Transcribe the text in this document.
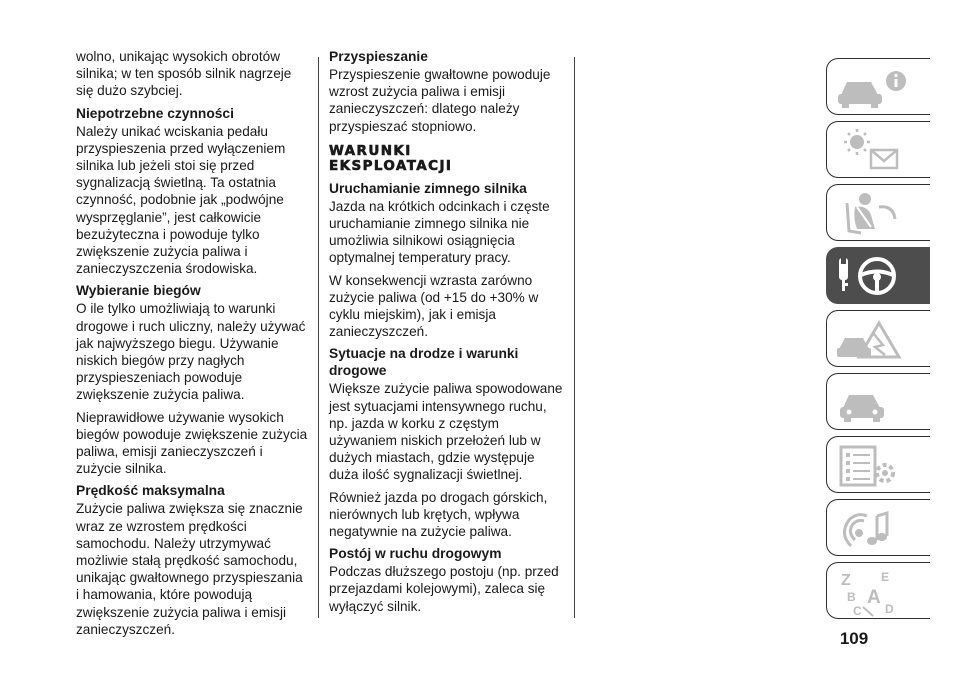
wolno, unikając wysokich obrotów silnika; w ten sposób silnik nagrzeje się dużo szybciej.

Niepotrzebne czynności

Należy unikać wciskania pedału przyspieszenia przed wyłączeniem silnika lub jeżeli stoi się przed sygnalizacją świetlną. Ta ostatnia czynność, podobnie jak „podwójne wysprzęglanie”, jest całkowicie bezużyteczna i powoduje tylko zwiększenie zużycia paliwa i zanieczyszczenia środowiska.

Wybieranie biegów

O ile tylko umożliwiają to warunki drogowe i ruch uliczny, należy używać jak najwyższego biegu. Używanie niskich biegów przy nagłych przyspieszeniach powoduje zwiększenie zużycia paliwa.

Nieprawidłowe używanie wysokich biegów powoduje zwiększenie zużycia paliwa, emisji zanieczyszczeń i zużycie silnika.

Prędkość maksymalna

Zużycie paliwa zwiększa się znacznie wraz ze wzrostem prędkości samochodu. Należy utrzymywać możliwie stałą prędkość samochodu, unikając gwałtownego przyspieszania i hamowania, które powodują zwiększenie zużycia paliwa i emisji zanieczyszczeń.

Przyspieszanie

Przyspieszenie gwałtowne powoduje wzrost zużycia paliwa i emisji zanieczyszczeń: dlatego należy przyspieszać stopniowo.

WARUNKI
EKSPLOATACJI
Uruchamianie zimnego silnika

Jazda na krótkich odcinkach i częste uruchamianie zimnego silnika nie umożliwia silnikowi osiągnięcia optymalnej temperatury pracy.

W konsekwencji wzrasta zarówno zużycie paliwa (od +15 do +30% w cyklu miejskim), jak i emisja zanieczyszczeń.

Sytuacje na drodze i warunki drogowe

Większe zużycie paliwa spowodowane jest sytuacjami intensywnego ruchu, np. jazda w korku z częstym używaniem niskich przełożeń lub w dużych miastach, gdzie występuje duża ilość sygnalizacji świetlnej.

Również jazda po drogach górskich, nierównych lub krętych, wpływa negatywnie na zużycie paliwa.

Postój w ruchu drogowym

Podczas dłuższego postoju (np. przed przejazdami kolejowymi), zaleca się wyłączyć silnik.

Z	E
B A
C D
109
